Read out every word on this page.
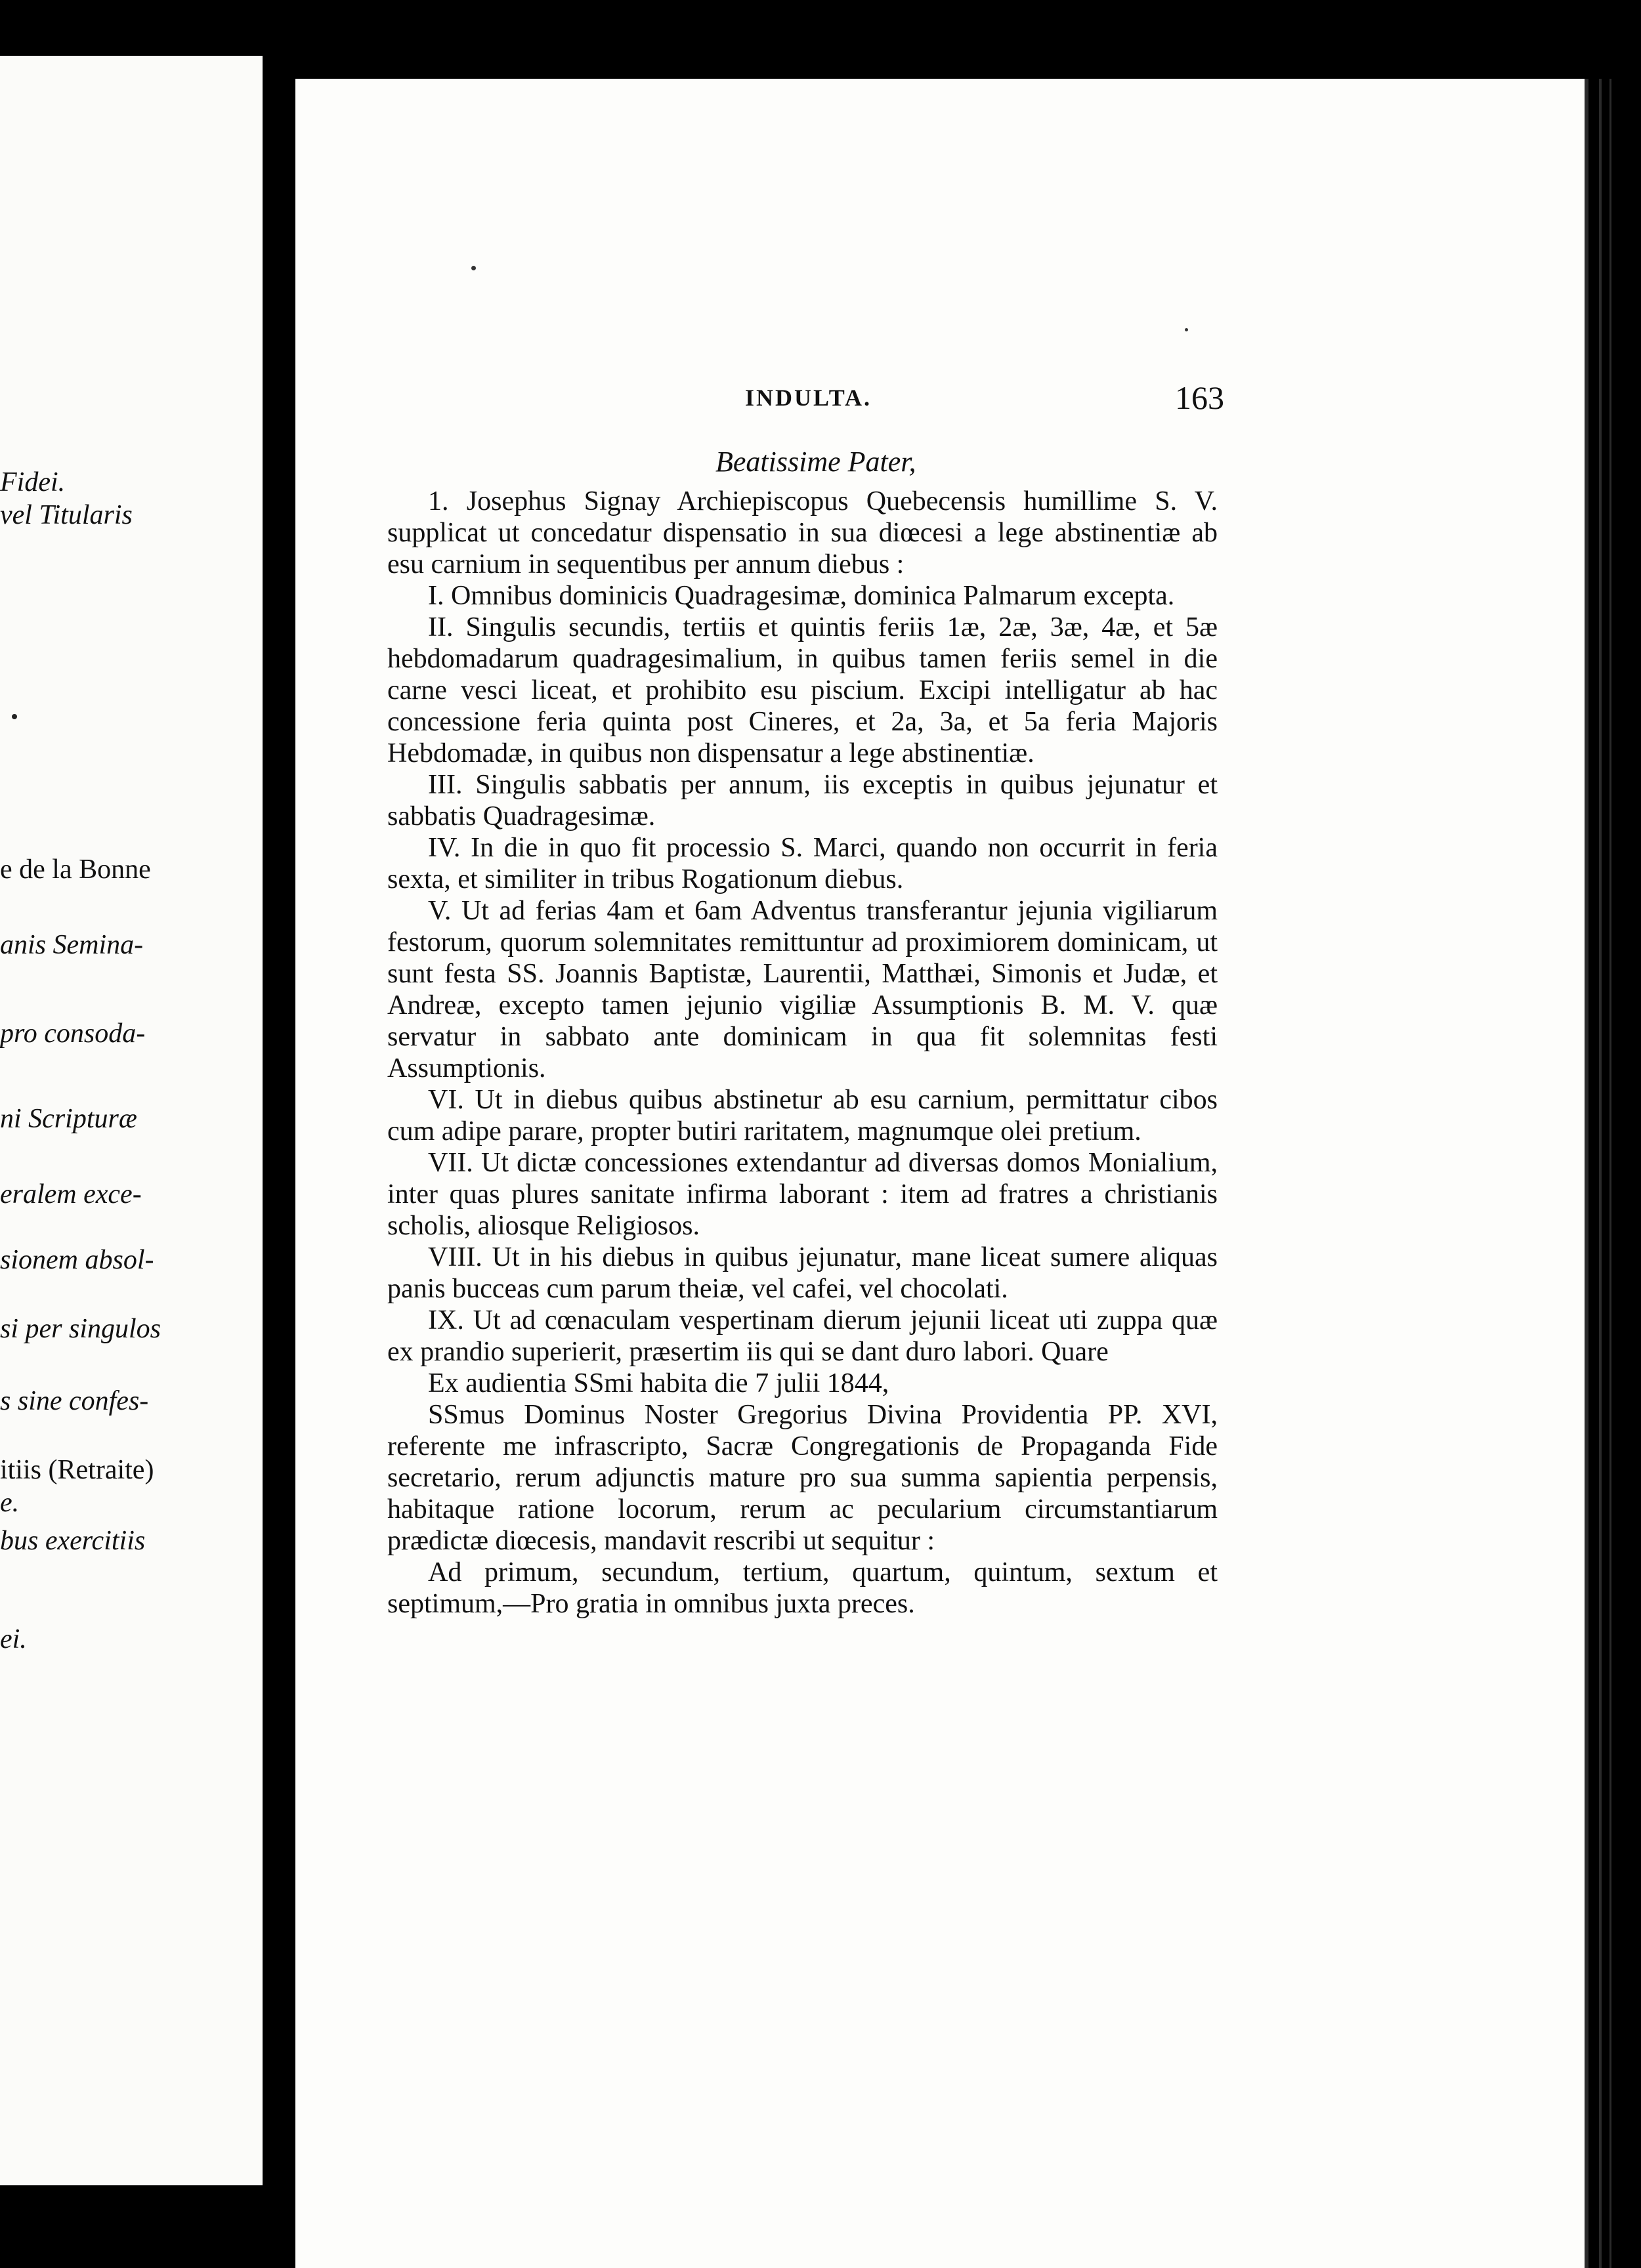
Fidei.
vel Titularis
e de la Bonne
anis Semina-
pro consoda-
ni Scripturæ
eralem exce-
sionem absol-
si per singulos
s sine confes-
itiis (Retraite)
e.
bus exercitiis
ei.
INDULTA.	163
Beatissime Pater,

1. Josephus Signay Archiepiscopus Quebecensis humillime S. V. supplicat ut concedatur dispensatio in sua diœcesi a lege abstinentiæ ab esu carnium in sequentibus per annum diebus :

I. Omnibus dominicis Quadragesimæ, dominica Palmarum excepta.

II. Singulis secundis, tertiis et quintis feriis 1æ, 2æ, 3æ, 4æ, et 5æ hebdomadarum quadragesimalium, in quibus tamen feriis semel in die carne vesci liceat, et prohibito esu piscium. Excipi intelligatur ab hac concessione feria quinta post Cineres, et 2a, 3a, et 5a feria Majoris Hebdomadæ, in quibus non dispensatur a lege abstinentiæ.

III. Singulis sabbatis per annum, iis exceptis in quibus jejunatur et sabbatis Quadragesimæ.

IV. In die in quo fit processio S. Marci, quando non occurrit in feria sexta, et similiter in tribus Rogationum diebus.

V. Ut ad ferias 4am et 6am Adventus transferantur jejunia vigiliarum festorum, quorum solemnitates remittuntur ad proximiorem dominicam, ut sunt festa SS. Joannis Baptistæ, Laurentii, Matthæi, Simonis et Judæ, et Andreæ, excepto tamen jejunio vigiliæ Assumptionis B. M. V. quæ servatur in sabbato ante dominicam in qua fit solemnitas festi Assumptionis.

VI. Ut in diebus quibus abstinetur ab esu carnium, permittatur cibos cum adipe parare, propter butiri raritatem, magnumque olei pretium.

VII. Ut dictæ concessiones extendantur ad diversas domos Monialium, inter quas plures sanitate infirma laborant : item ad fratres a christianis scholis, aliosque Religiosos.

VIII. Ut in his diebus in quibus jejunatur, mane liceat sumere aliquas panis bucceas cum parum theiæ, vel cafei, vel chocolati.

IX. Ut ad cœnaculam vespertinam dierum jejunii liceat uti zuppa quæ ex prandio superierit, præsertim iis qui se dant duro labori. Quare

Ex audientia SSmi habita die 7 julii 1844,

SSmus Dominus Noster Gregorius Divina Providentia PP. XVI, referente me infrascripto, Sacræ Congregationis de Propaganda Fide secretario, rerum adjunctis mature pro sua summa sapientia perpensis, habitaque ratione locorum, rerum ac pecularium circumstantiarum prædictæ diœcesis, mandavit rescribi ut sequitur :

Ad primum, secundum, tertium, quartum, quintum, sextum et septimum,—Pro gratia in omnibus juxta preces.
